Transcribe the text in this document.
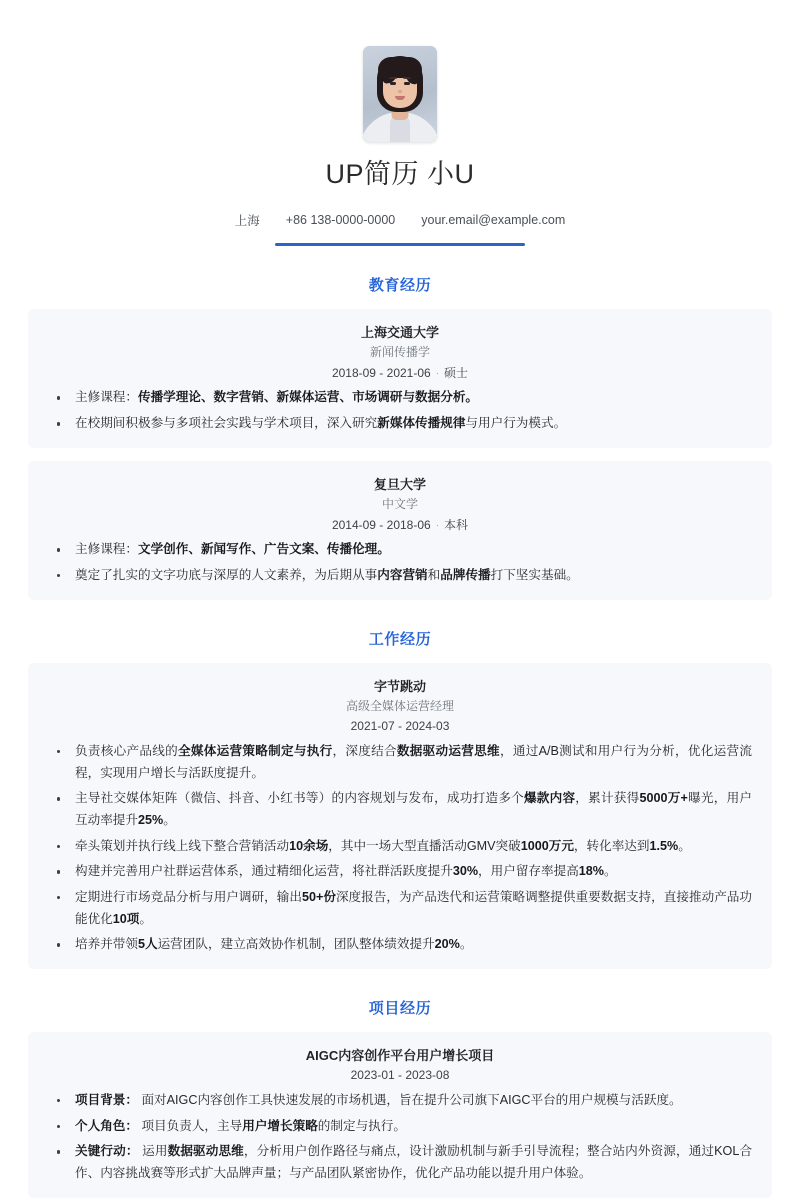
UP简历 小U
上海 +86 138-0000-0000 your.email@example.com
教育经历
上海交通大学
新闻传播学
2018-09 - 2021-06 · 硕士
主修课程：传播学理论、数字营销、新媒体运营、市场调研与数据分析。
在校期间积极参与多项社会实践与学术项目，深入研究新媒体传播规律与用户行为模式。
复旦大学
中文学
2014-09 - 2018-06 · 本科
主修课程：文学创作、新闻写作、广告文案、传播伦理。
奠定了扎实的文字功底与深厚的人文素养，为后期从事内容营销和品牌传播打下坚实基础。
工作经历
字节跳动
高级全媒体运营经理
2021-07 - 2024-03
负责核心产品线的全媒体运营策略制定与执行，深度结合数据驱动运营思维，通过A/B测试和用户行为分析，优化运营流程，实现用户增长与活跃度提升。
主导社交媒体矩阵（微信、抖音、小红书等）的内容规划与发布，成功打造多个爆款内容，累计获得5000万+曝光，用户互动率提升25%。
牵头策划并执行线上线下整合营销活动10余场，其中一场大型直播活动GMV突破1000万元，转化率达到1.5%。
构建并完善用户社群运营体系，通过精细化运营，将社群活跃度提升30%，用户留存率提高18%。
定期进行市场竞品分析与用户调研，输出50+份深度报告，为产品迭代和运营策略调整提供重要数据支持，直接推动产品功能优化10项。
培养并带领5人运营团队，建立高效协作机制，团队整体绩效提升20%。
项目经历
AIGC内容创作平台用户增长项目
2023-01 - 2023-08
项目背景： 面对AIGC内容创作工具快速发展的市场机遇，旨在提升公司旗下AIGC平台的用户规模与活跃度。
个人角色： 项目负责人，主导用户增长策略的制定与执行。
关键行动： 运用数据驱动思维，分析用户创作路径与痛点，设计激励机制与新手引导流程；整合站内外资源，通过KOL合作、内容挑战赛等形式扩大品牌声量；与产品团队紧密协作，优化产品功能以提升用户体验。
